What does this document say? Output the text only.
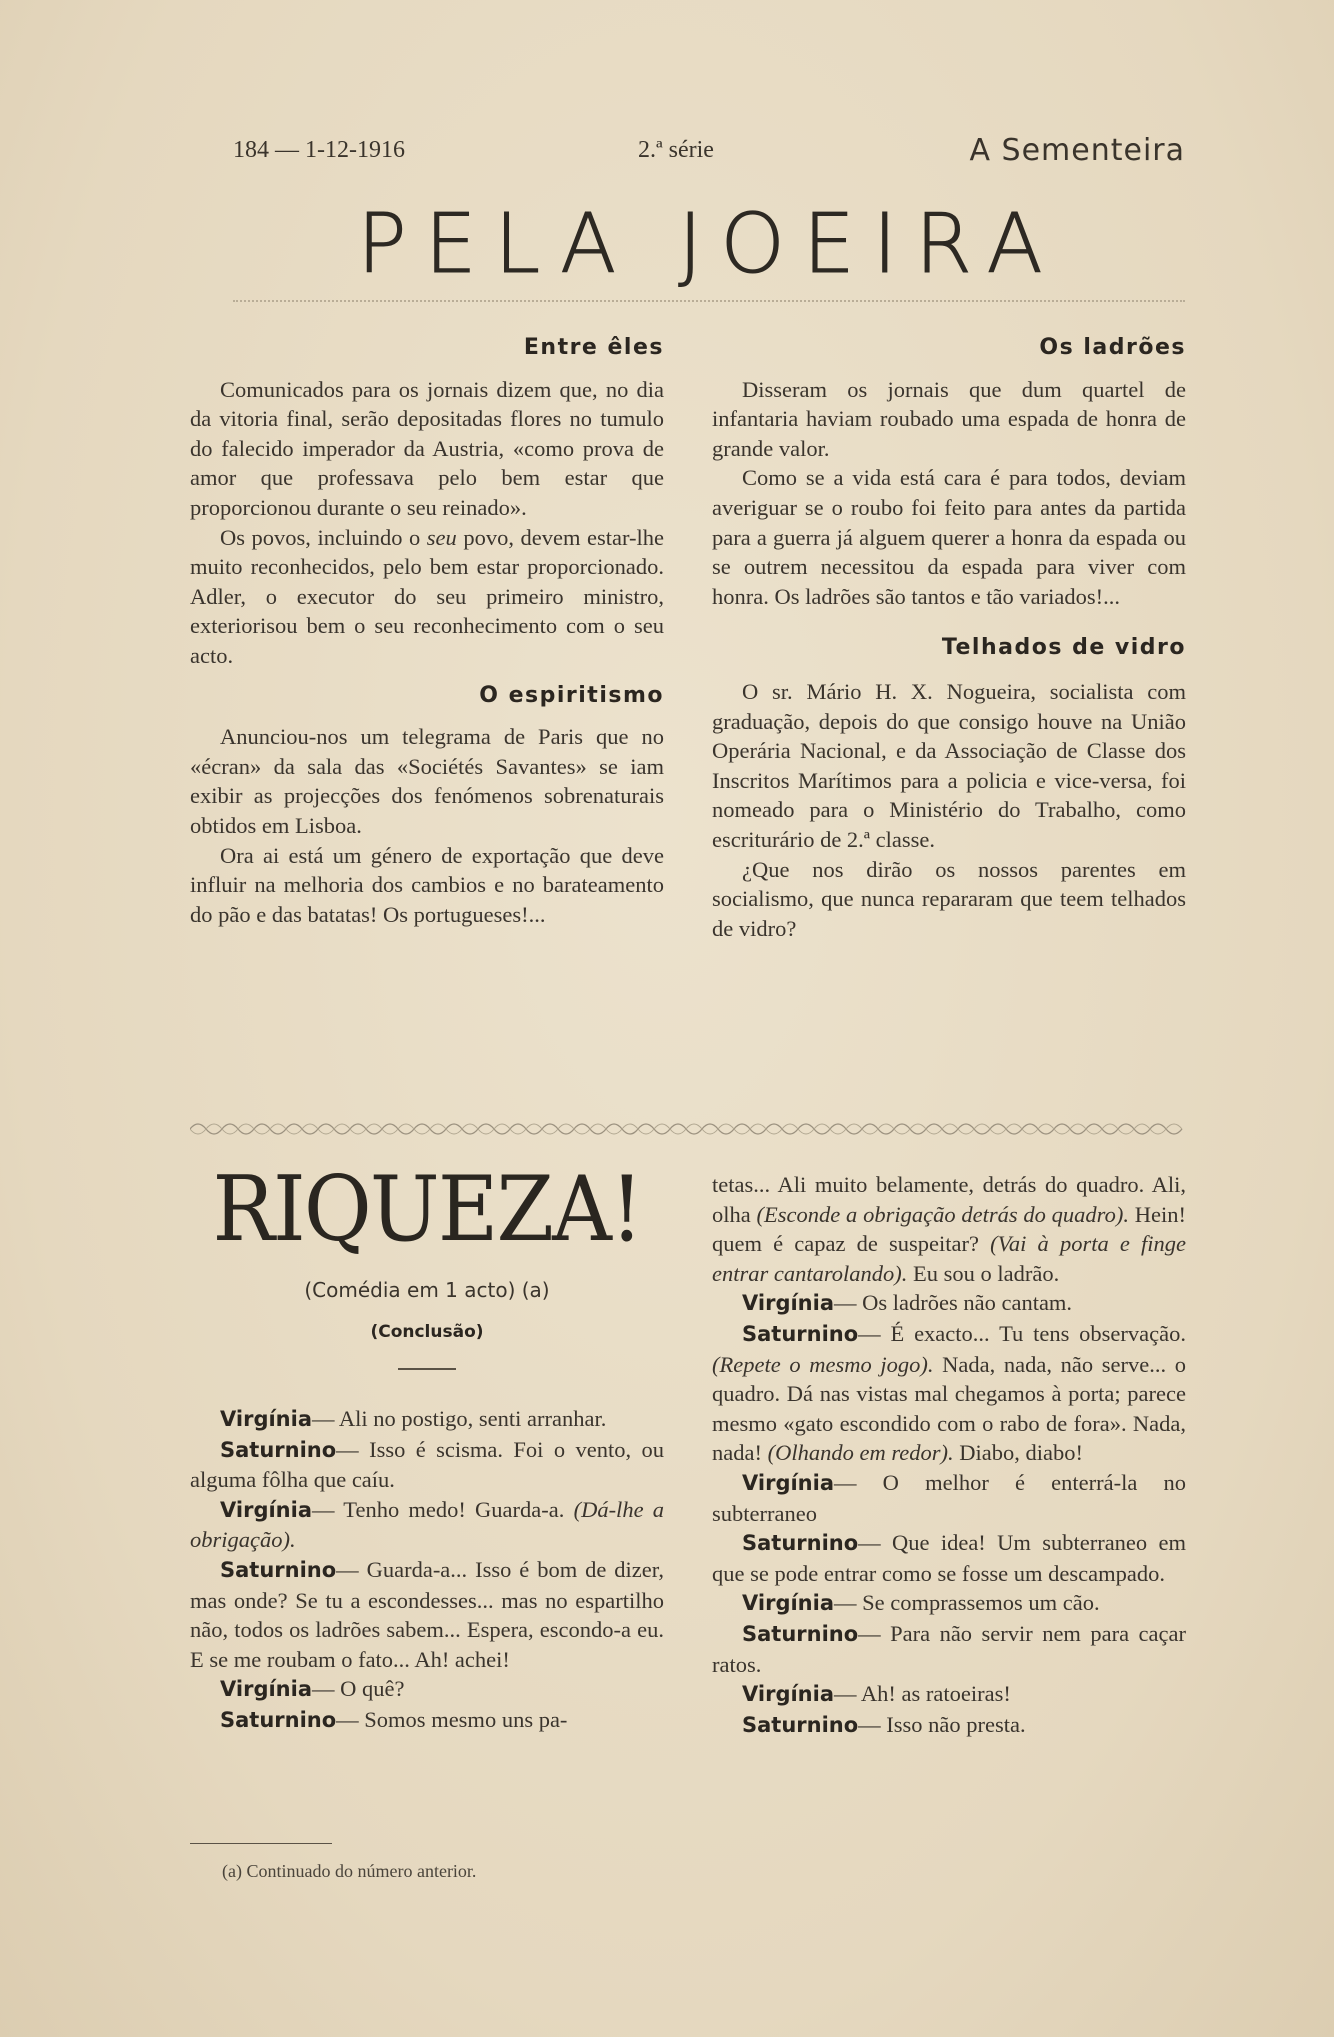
184 — 1-12-1916	2.ª série	A Sementeira
PELA JOEIRA
Entre êles

Comunicados para os jornais dizem que, no dia da vitoria final, serão depositadas flores no tumulo do falecido imperador da Austria, «como prova de amor que professava pelo bem estar que proporcionou durante o seu reinado».

Os povos, incluindo o seu povo, devem estar-lhe muito reconhecidos, pelo bem estar proporcionado. Adler, o executor do seu primeiro ministro, exteriorisou bem o seu reconhecimento com o seu acto.

O espiritismo

Anunciou-nos um telegrama de Paris que no «écran» da sala das «Sociétés Savantes» se iam exibir as projecções dos fenómenos sobrenaturais obtidos em Lisboa.

Ora ai está um género de exportação que deve influir na melhoria dos cambios e no barateamento do pão e das batatas! Os portugueses!...

Os ladrões

Disseram os jornais que dum quartel de infantaria haviam roubado uma espada de honra de grande valor.

Como se a vida está cara é para todos, deviam averiguar se o roubo foi feito para antes da partida para a guerra já alguem querer a honra da espada ou se outrem necessitou da espada para viver com honra. Os ladrões são tantos e tão variados!...

Telhados de vidro

O sr. Mário H. X. Nogueira, socialista com graduação, depois do que consigo houve na União Operária Nacional, e da Associação de Classe dos Inscritos Marítimos para a policia e vice-versa, foi nomeado para o Ministério do Trabalho, como escriturário de 2.ª classe.

¿Que nos dirão os nossos parentes em socialismo, que nunca repararam que teem telhados de vidro?

RIQUEZA!
(Comédia em 1 acto) (a)
(Conclusão)

Virgínia— Ali no postigo, senti arranhar.

Saturnino— Isso é scisma. Foi o vento, ou alguma fôlha que caíu.

Virgínia— Tenho medo! Guarda-a. (Dá-lhe a obrigação).

Saturnino— Guarda-a... Isso é bom de dizer, mas onde? Se tu a escondesses... mas no espartilho não, todos os ladrões sabem... Espera, escondo-a eu. E se me roubam o fato... Ah! achei!

Virgínia— O quê?

Saturnino— Somos mesmo uns pa-

tetas... Ali muito belamente, detrás do quadro. Ali, olha (Esconde a obrigação detrás do quadro). Hein! quem é capaz de suspeitar? (Vai à porta e finge entrar cantarolando). Eu sou o ladrão.

Virgínia— Os ladrões não cantam.

Saturnino— É exacto... Tu tens observação. (Repete o mesmo jogo). Nada, nada, não serve... o quadro. Dá nas vistas mal chegamos à porta; parece mesmo «gato escondido com o rabo de fora». Nada, nada! (Olhando em redor). Diabo, diabo!

Virgínia— O melhor é enterrá-la no subterraneo

Saturnino— Que idea! Um subterraneo em que se pode entrar como se fosse um descampado.

Virgínia— Se comprassemos um cão.

Saturnino— Para não servir nem para caçar ratos.

Virgínia— Ah! as ratoeiras!

Saturnino— Isso não presta.

(a) Continuado do número anterior.
